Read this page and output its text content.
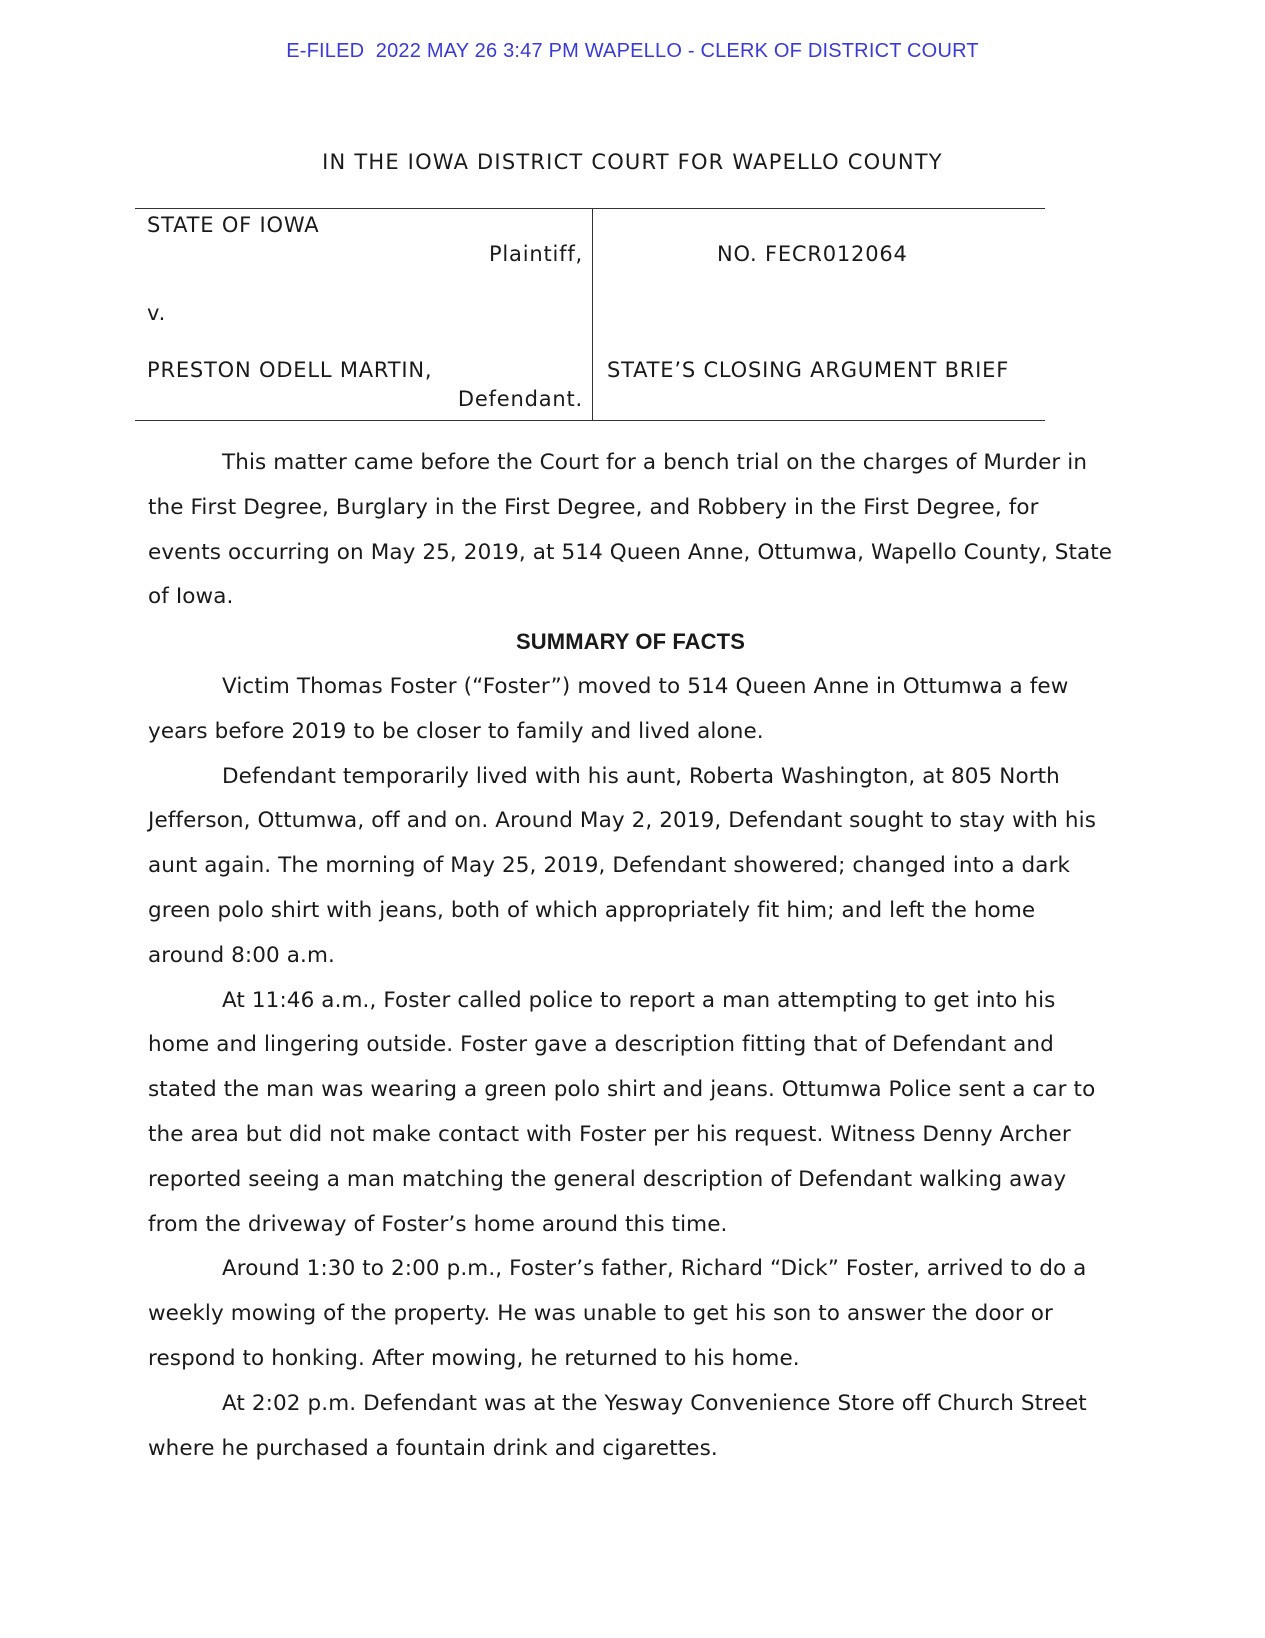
E-FILED  2022 MAY 26 3:47 PM WAPELLO - CLERK OF DISTRICT COURT
IN THE IOWA DISTRICT COURT FOR WAPELLO COUNTY
STATE OF IOWA
Plaintiff,
v.
PRESTON ODELL MARTIN,
Defendant.
NO. FECR012064
STATE’S CLOSING ARGUMENT BRIEF

This matter came before the Court for a bench trial on the charges of Murder in the First Degree, Burglary in the First Degree, and Robbery in the First Degree, for events occurring on May 25, 2019, at 514 Queen Anne, Ottumwa, Wapello County, State of Iowa.

SUMMARY OF FACTS

Victim Thomas Foster (“Foster”) moved to 514 Queen Anne in Ottumwa a few years before 2019 to be closer to family and lived alone.

Defendant temporarily lived with his aunt, Roberta Washington, at 805 North Jefferson, Ottumwa, off and on. Around May 2, 2019, Defendant sought to stay with his aunt again. The morning of May 25, 2019, Defendant showered; changed into a dark green polo shirt with jeans, both of which appropriately fit him; and left the home around 8:00 a.m.

At 11:46 a.m., Foster called police to report a man attempting to get into his home and lingering outside. Foster gave a description fitting that of Defendant and stated the man was wearing a green polo shirt and jeans. Ottumwa Police sent a car to the area but did not make contact with Foster per his request. Witness Denny Archer reported seeing a man matching the general description of Defendant walking away from the driveway of Foster’s home around this time.

Around 1:30 to 2:00 p.m., Foster’s father, Richard “Dick” Foster, arrived to do a weekly mowing of the property. He was unable to get his son to answer the door or respond to honking. After mowing, he returned to his home.

At 2:02 p.m. Defendant was at the Yesway Convenience Store off Church Street where he purchased a fountain drink and cigarettes.
